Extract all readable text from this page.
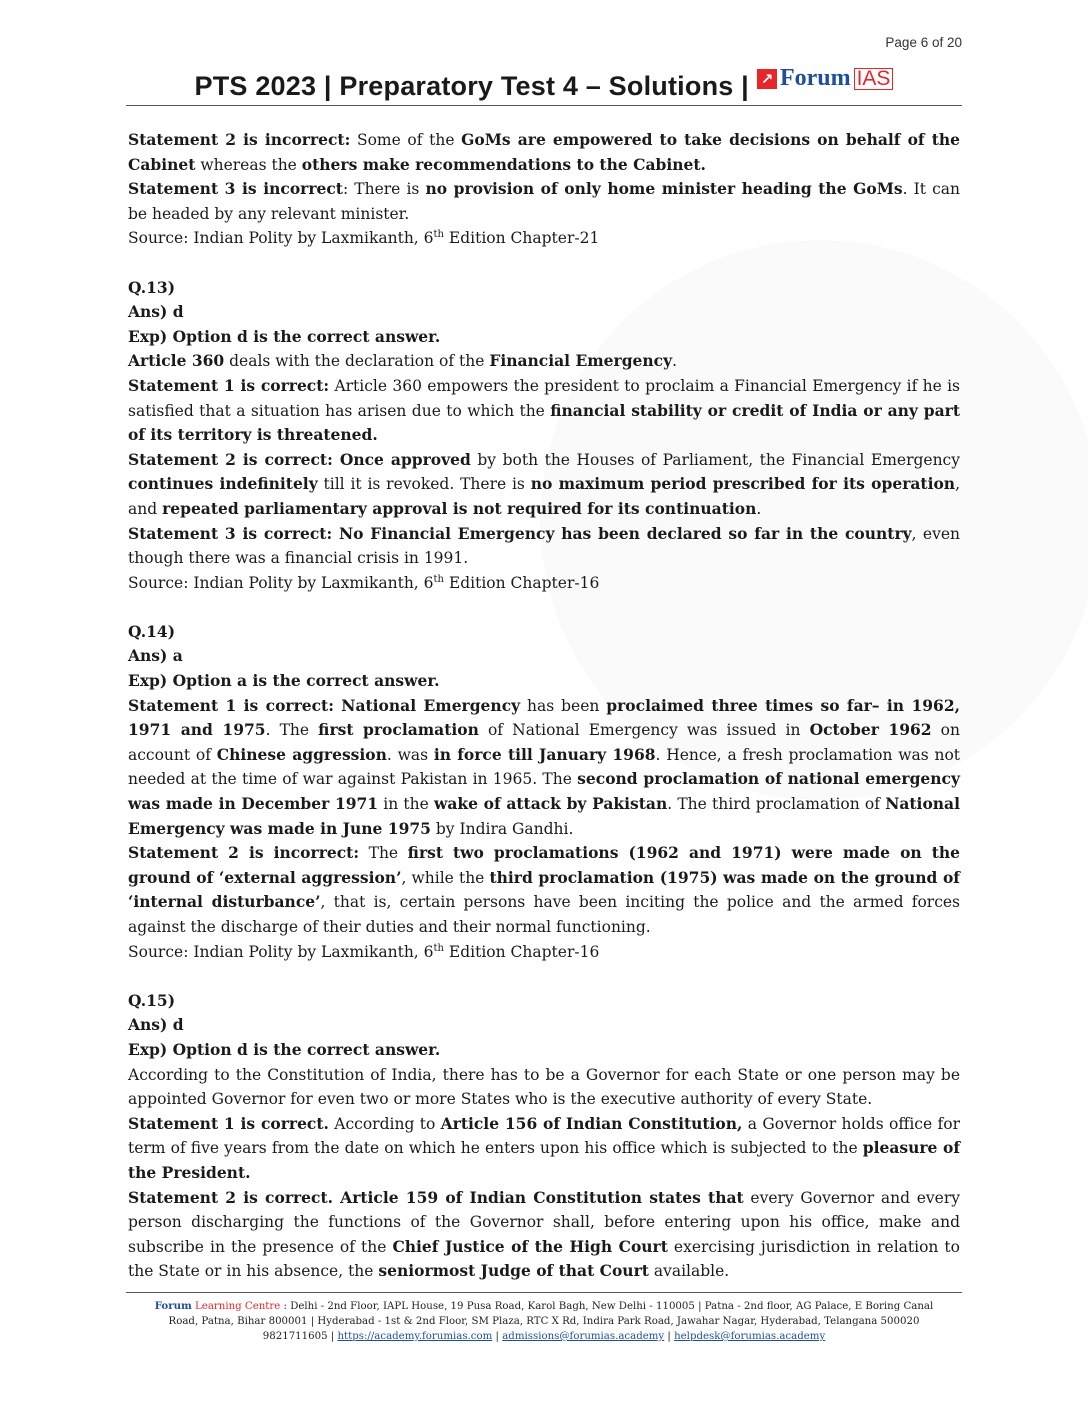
Page 6 of 20
PTS 2023 | Preparatory Test 4 – Solutions | ↗ Forum IAS

Statement 2 is incorrect: Some of the GoMs are empowered to take decisions on behalf of the Cabinet whereas the others make recommendations to the Cabinet.

Statement 3 is incorrect: There is no provision of only home minister heading the GoMs. It can be headed by any relevant minister.

Source: Indian Polity by Laxmikanth, 6th Edition Chapter-21

Q.13)

Ans) d

Exp) Option d is the correct answer.

Article 360 deals with the declaration of the Financial Emergency.

Statement 1 is correct: Article 360 empowers the president to proclaim a Financial Emergency if he is satisfied that a situation has arisen due to which the financial stability or credit of India or any part of its territory is threatened.

Statement 2 is correct: Once approved by both the Houses of Parliament, the Financial Emergency continues indefinitely till it is revoked. There is no maximum period prescribed for its operation, and repeated parliamentary approval is not required for its continuation.

Statement 3 is correct: No Financial Emergency has been declared so far in the country, even though there was a financial crisis in 1991.

Source: Indian Polity by Laxmikanth, 6th Edition Chapter-16

Q.14)

Ans) a

Exp) Option a is the correct answer.

Statement 1 is correct: National Emergency has been proclaimed three times so far– in 1962, 1971 and 1975. The first proclamation of National Emergency was issued in October 1962 on account of Chinese aggression. was in force till January 1968. Hence, a fresh proclamation was not needed at the time of war against Pakistan in 1965. The second proclamation of national emergency was made in December 1971 in the wake of attack by Pakistan. The third proclamation of National Emergency was made in June 1975 by Indira Gandhi.

Statement 2 is incorrect: The first two proclamations (1962 and 1971) were made on the ground of ‘external aggression’, while the third proclamation (1975) was made on the ground of ‘internal disturbance’, that is, certain persons have been inciting the police and the armed forces against the discharge of their duties and their normal functioning.

Source: Indian Polity by Laxmikanth, 6th Edition Chapter-16

Q.15)

Ans) d

Exp) Option d is the correct answer.

According to the Constitution of India, there has to be a Governor for each State or one person may be appointed Governor for even two or more States who is the executive authority of every State.

Statement 1 is correct. According to Article 156 of Indian Constitution, a Governor holds office for term of five years from the date on which he enters upon his office which is subjected to the pleasure of the President.

Statement 2 is correct. Article 159 of Indian Constitution states that every Governor and every person discharging the functions of the Governor shall, before entering upon his office, make and subscribe in the presence of the Chief Justice of the High Court exercising jurisdiction in relation to the State or in his absence, the seniormost Judge of that Court available.

Forum Learning Centre : Delhi - 2nd Floor, IAPL House, 19 Pusa Road, Karol Bagh, New Delhi - 110005 | Patna - 2nd floor, AG Palace, E Boring Canal
Road, Patna, Bihar 800001 | Hyderabad - 1st & 2nd Floor, SM Plaza, RTC X Rd, Indira Park Road, Jawahar Nagar, Hyderabad, Telangana 500020
9821711605 | https://academy.forumias.com | admissions@forumias.academy | helpdesk@forumias.academy
